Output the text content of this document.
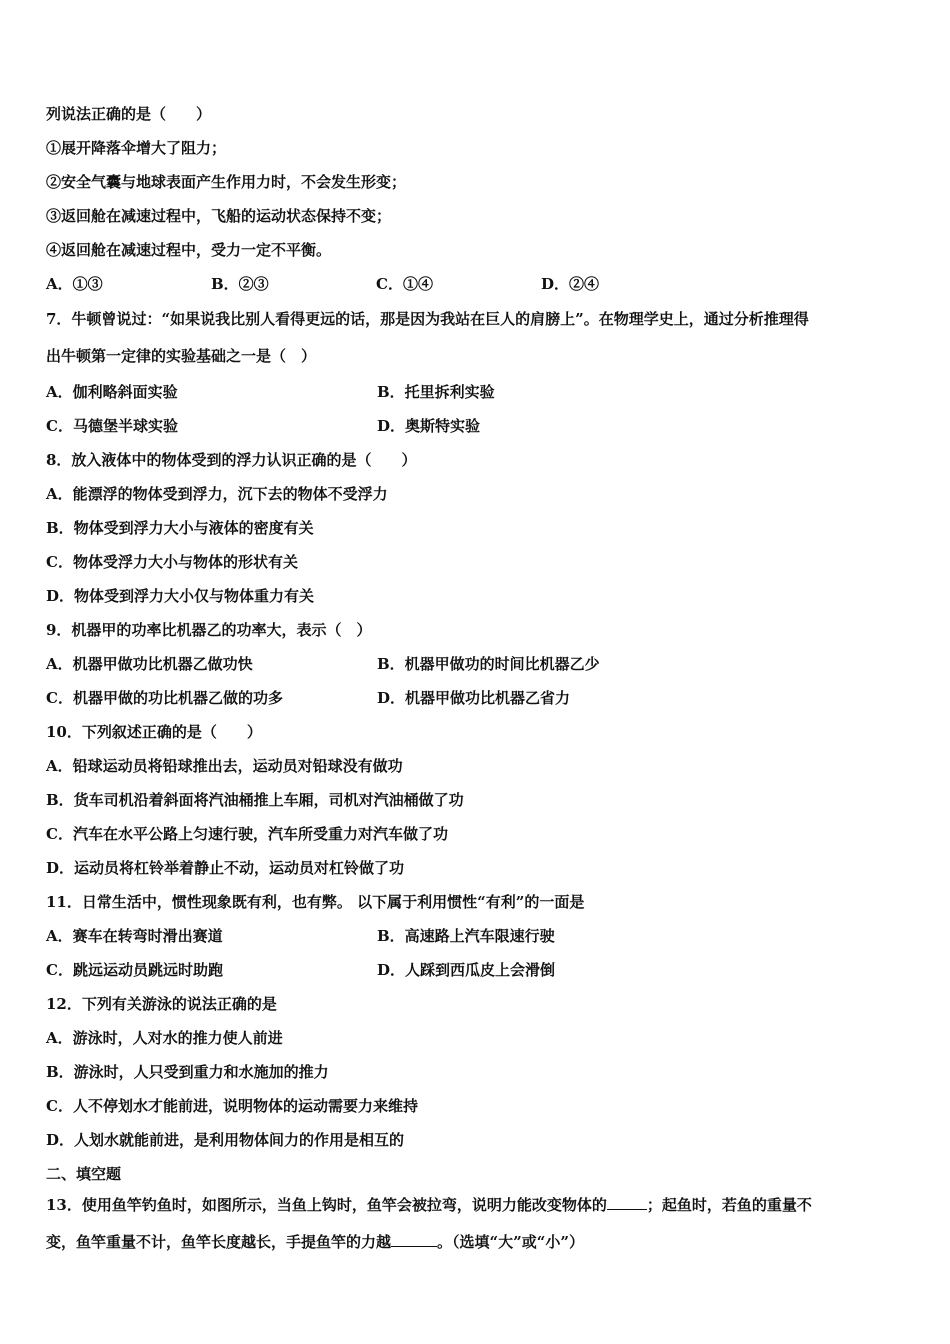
列说法正确的是（　　）
①展开降落伞增大了阻力；
②安全气囊与地球表面产生作用力时，不会发生形变；
③返回舱在减速过程中，飞船的运动状态保持不变；
④返回舱在减速过程中，受力一定不平衡。
A．①③	B．②③	C．①④	D．②④
7．牛顿曾说过：“如果说我比别人看得更远的话，那是因为我站在巨人的肩膀上”。在物理学史上，通过分析推理得
出牛顿第一定律的实验基础之一是（　）
A．伽利略斜面实验	B．托里拆利实验
C．马德堡半球实验	D．奥斯特实验
8．放入液体中的物体受到的浮力认识正确的是（　　）
A．能漂浮的物体受到浮力，沉下去的物体不受浮力
B．物体受到浮力大小与液体的密度有关
C．物体受浮力大小与物体的形状有关
D．物体受到浮力大小仅与物体重力有关
9．机器甲的功率比机器乙的功率大，表示（　）
A．机器甲做功比机器乙做功快	B．机器甲做功的时间比机器乙少
C．机器甲做的功比机器乙做的功多	D．机器甲做功比机器乙省力
10．下列叙述正确的是（　　）
A．铅球运动员将铅球推出去，运动员对铅球没有做功
B．货车司机沿着斜面将汽油桶推上车厢，司机对汽油桶做了功
C．汽车在水平公路上匀速行驶，汽车所受重力对汽车做了功
D．运动员将杠铃举着静止不动，运动员对杠铃做了功
11．日常生活中，惯性现象既有利，也有弊。 以下属于利用惯性“有利”的一面是
A．赛车在转弯时滑出赛道	B．高速路上汽车限速行驶
C．跳远运动员跳远时助跑	D．人踩到西瓜皮上会滑倒
12．下列有关游泳的说法正确的是
A．游泳时，人对水的推力使人前进
B．游泳时，人只受到重力和水施加的推力
C．人不停划水才能前进，说明物体的运动需要力来维持
D．人划水就能前进，是利用物体间力的作用是相互的
二、填空题
13．使用鱼竿钓鱼时，如图所示，当鱼上钩时，鱼竿会被拉弯，说明力能改变物体的	；起鱼时，若鱼的重量不
变，鱼竿重量不计，鱼竿长度越长，手提鱼竿的力越	。（选填“大”或“小”）
